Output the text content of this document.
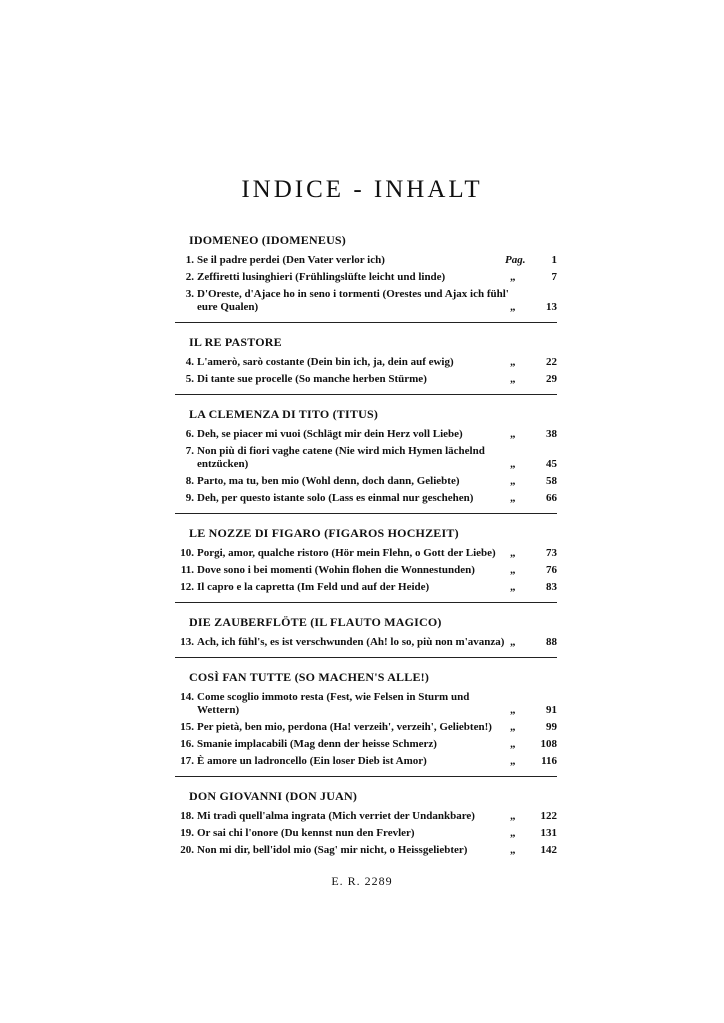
INDICE - INHALT
IDOMENEO (IDOMENEUS)
1. Se il padre perdei (Den Vater verlor ich)	Pag.	1
2. Zeffiretti lusinghieri (Frühlingslüfte leicht und linde)	„	7
3. D'Oreste, d'Ajace ho in seno i tormenti (Orestes und Ajax ich fühl' eure Qualen)	„	13
IL RE PASTORE
4. L'amerò, sarò costante (Dein bin ich, ja, dein auf ewig)	„	22
5. Di tante sue procelle (So manche herben Stürme)	„	29
LA CLEMENZA DI TITO (TITUS)
6. Deh, se piacer mi vuoi (Schlägt mir dein Herz voll Liebe)	„	38
7. Non più di fiori vaghe catene (Nie wird mich Hymen lächelnd entzücken)	„	45
8. Parto, ma tu, ben mio (Wohl denn, doch dann, Geliebte)	„	58
9. Deh, per questo istante solo (Lass es einmal nur geschehen)	„	66
LE NOZZE DI FIGARO (FIGAROS HOCHZEIT)
10. Porgi, amor, qualche ristoro (Hör mein Flehn, o Gott der Liebe) „	73
11. Dove sono i bei momenti (Wohin flohen die Wonnestunden)	„	76
12. Il capro e la capretta (Im Feld und auf der Heide)	„	83
DIE ZAUBERFLÖTE (IL FLAUTO MAGICO)
13. Ach, ich fühl's, es ist verschwunden (Ah! lo so, più non m'avanza) „	88
COSÌ FAN TUTTE (SO MACHEN'S ALLE!)
14. Come scoglio immoto resta (Fest, wie Felsen in Sturm und Wettern)	„	91
15. Per pietà, ben mio, perdona (Ha! verzeih', verzeih', Geliebten!) „	99
16. Smanie implacabili (Mag denn der heisse Schmerz)	„	108
17. È amore un ladroncello (Ein loser Dieb ist Amor)	„	116
DON GIOVANNI (DON JUAN)
18. Mi tradì quell'alma ingrata (Mich verriet der Undankbare)	„	122
19. Or sai chi l'onore (Du kennst nun den Frevler)	„	131
20. Non mi dir, bell'idol mio (Sag' mir nicht, o Heissgeliebter)	„	142
E. R. 2289
